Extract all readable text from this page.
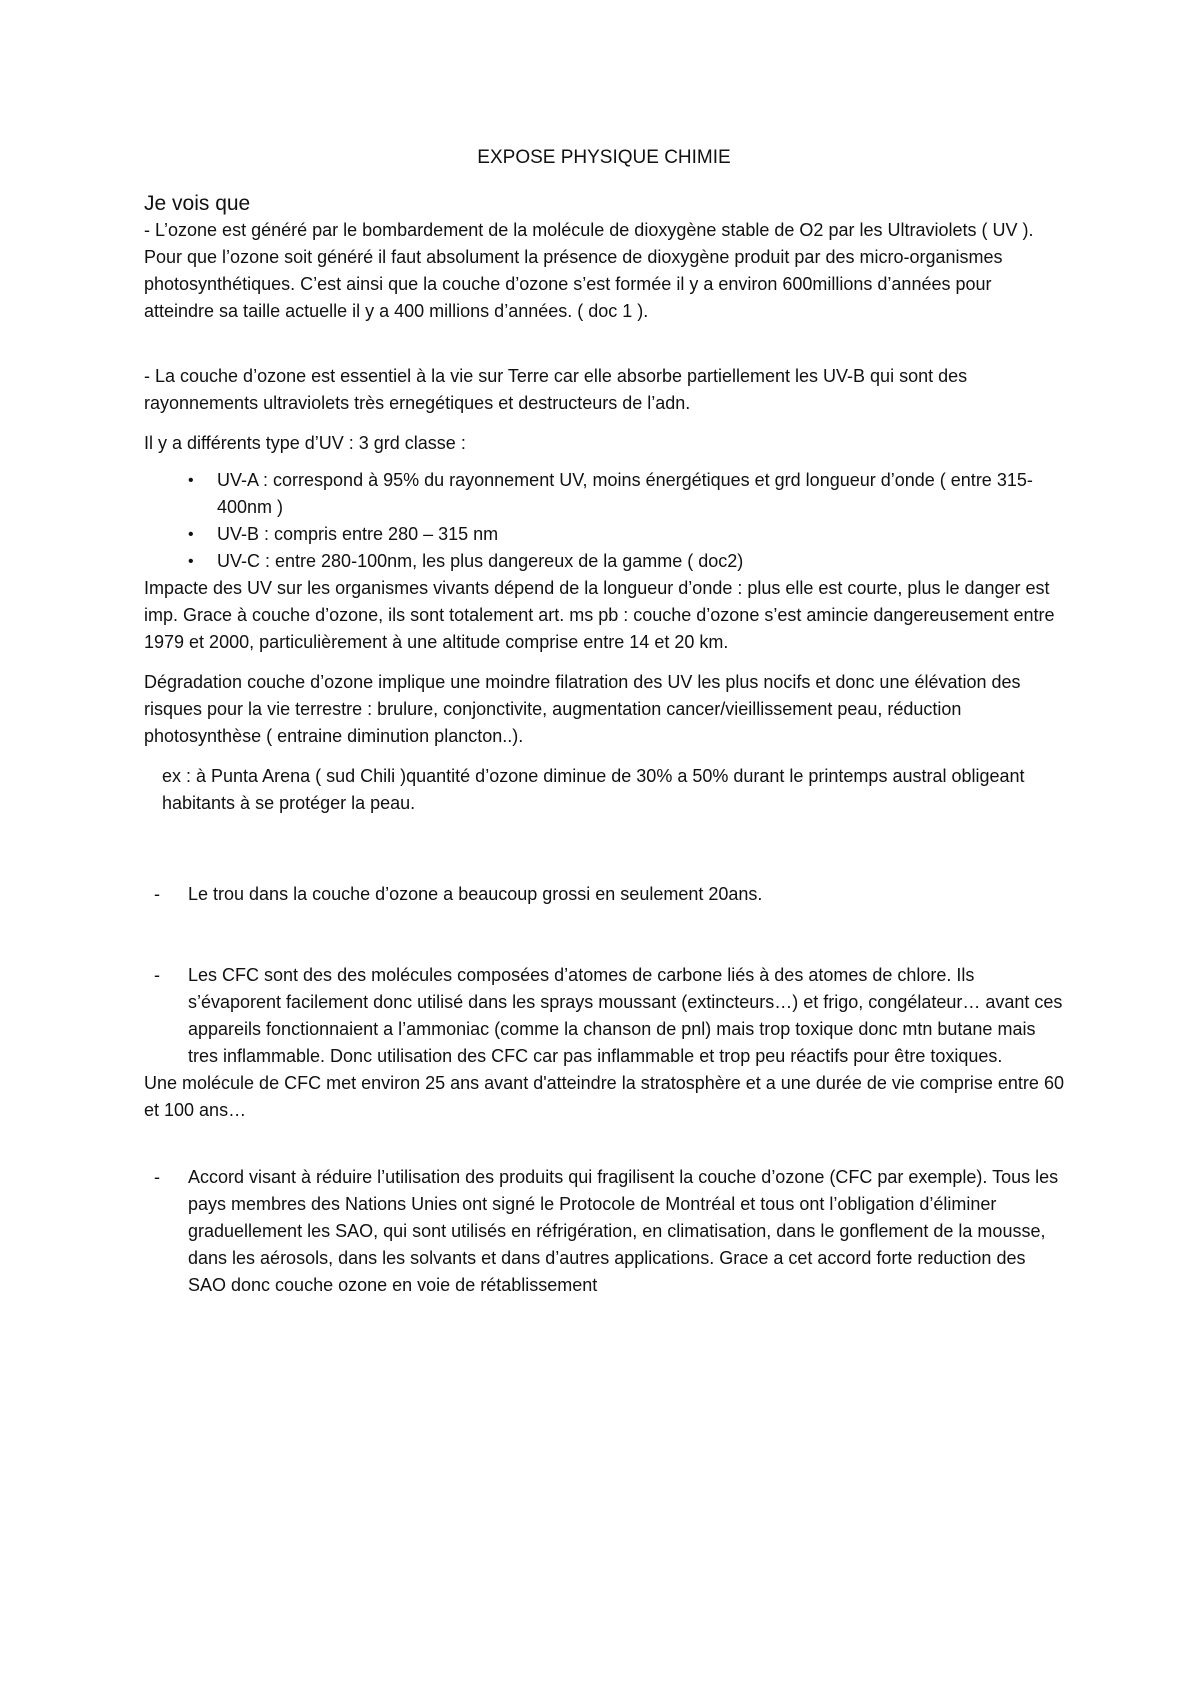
EXPOSE PHYSIQUE CHIMIE

Je vois que

- L’ozone est généré par le bombardement de la molécule de dioxygène stable de O2 par les Ultraviolets ( UV ). Pour que l’ozone soit généré il faut absolument la présence de dioxygène produit par des micro-organismes photosynthétiques. C’est ainsi que la couche d’ozone s’est formée il y a environ 600millions d’années pour atteindre sa taille actuelle il y a 400 millions d’années. ( doc 1 ).

- La couche d’ozone est essentiel à la vie sur Terre car elle absorbe partiellement les UV-B qui sont des rayonnements ultraviolets très ernegétiques et destructeurs de l’adn.

Il y a différents type d’UV : 3 grd classe :

• UV-A : correspond à 95% du rayonnement UV, moins énergétiques et grd longueur d’onde ( entre 315-400nm )
• UV-B : compris entre 280 – 315 nm
• UV-C : entre 280-100nm, les plus dangereux de la gamme ( doc2)

Impacte des UV sur les organismes vivants dépend de la longueur d’onde : plus elle est courte, plus le danger est imp. Grace à couche d’ozone, ils sont totalement art. ms pb : couche d’ozone s’est amincie dangereusement entre 1979 et 2000, particulièrement à une altitude comprise entre 14 et 20 km.

Dégradation couche d’ozone implique une moindre filatration des UV les plus nocifs et donc une élévation des risques pour la vie terrestre : brulure, conjonctivite, augmentation cancer/vieillissement peau, réduction photosynthèse ( entraine diminution plancton..).

ex : à Punta Arena ( sud Chili )quantité d’ozone diminue de 30% a 50% durant le printemps austral obligeant habitants à se protéger la peau.

- Le trou dans la couche d’ozone a beaucoup grossi en seulement 20ans.
- Les CFC sont des des molécules composées d’atomes de carbone liés à des atomes de chlore. Ils s’évaporent facilement donc utilisé dans les sprays moussant (extincteurs…) et frigo, congélateur… avant ces appareils fonctionnaient a l’ammoniac (comme la chanson de pnl) mais trop toxique donc mtn butane mais tres inflammable. Donc utilisation des CFC car pas inflammable et trop peu réactifs pour être toxiques.

Une molécule de CFC met environ 25 ans avant d'atteindre la stratosphère et a une durée de vie comprise entre 60 et 100 ans…

- Accord visant à réduire l’utilisation des produits qui fragilisent la couche d’ozone (CFC par exemple). Tous les pays membres des Nations Unies ont signé le Protocole de Montréal et tous ont l’obligation d’éliminer graduellement les SAO, qui sont utilisés en réfrigération, en climatisation, dans le gonflement de la mousse, dans les aérosols, dans les solvants et dans d’autres applications. Grace a cet accord forte reduction des SAO donc couche ozone en voie de rétablissement
